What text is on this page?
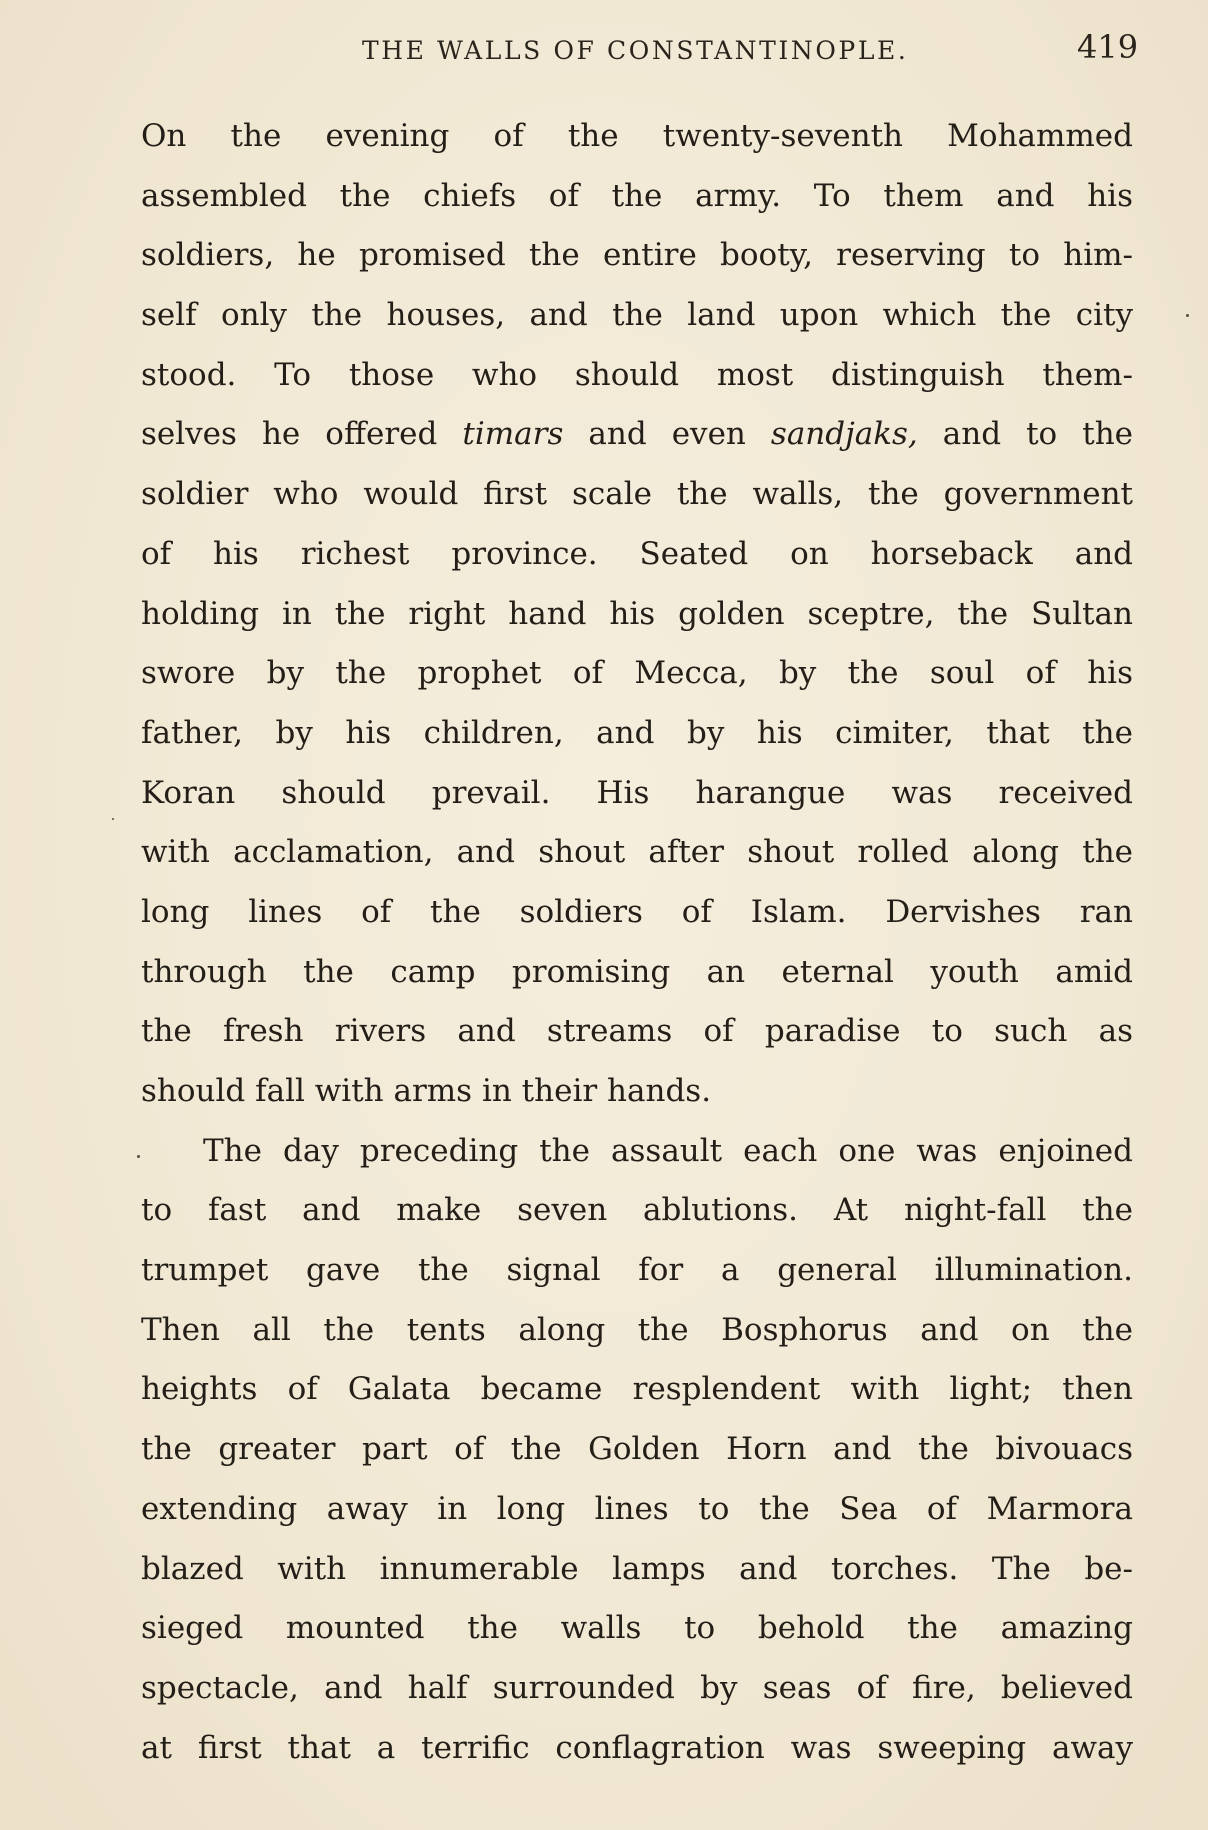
THE WALLS OF CONSTANTINOPLE.	419
On the evening of the twenty-seventh Mohammed
assembled the chiefs of the army. To them and his
soldiers, he promised the entire booty, reserving to him-
self only the houses, and the land upon which the city
stood. To those who should most distinguish them-
selves he offered timars and even sandjaks, and to the
soldier who would first scale the walls, the government
of his richest province. Seated on horseback and
holding in the right hand his golden sceptre, the Sultan
swore by the prophet of Mecca, by the soul of his
father, by his children, and by his cimiter, that the
Koran should prevail. His harangue was received
with acclamation, and shout after shout rolled along the
long lines of the soldiers of Islam. Dervishes ran
through the camp promising an eternal youth amid
the fresh rivers and streams of paradise to such as
should fall with arms in their hands.
The day preceding the assault each one was enjoined
to fast and make seven ablutions. At night-fall the
trumpet gave the signal for a general illumination.
Then all the tents along the Bosphorus and on the
heights of Galata became resplendent with light; then
the greater part of the Golden Horn and the bivouacs
extending away in long lines to the Sea of Marmora
blazed with innumerable lamps and torches. The be-
sieged mounted the walls to behold the amazing
spectacle, and half surrounded by seas of fire, believed
at first that a terrific conflagration was sweeping away
